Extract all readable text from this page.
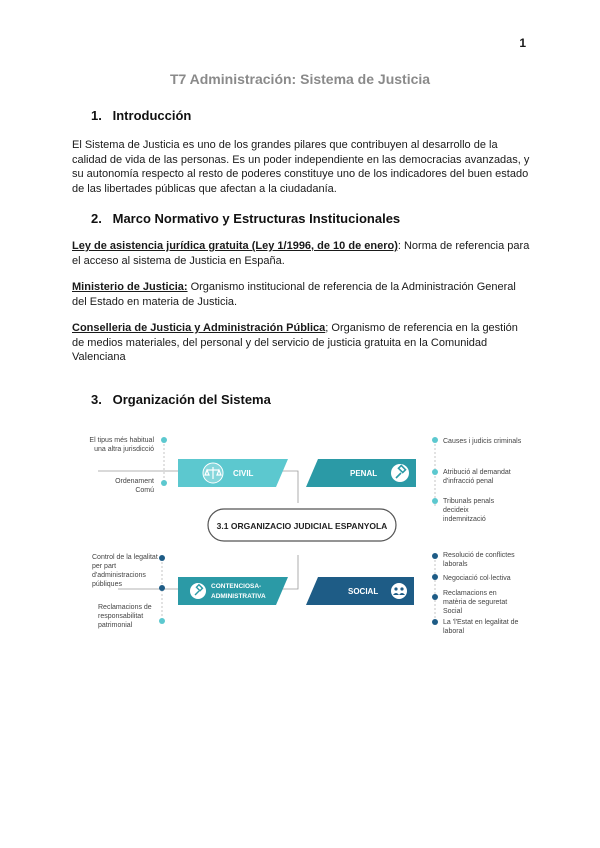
1
T7 Administración: Sistema de Justicia
1. Introducción
El Sistema de Justicia es uno de los grandes pilares que contribuyen al desarrollo de la calidad de vida de las personas. Es un poder independiente en las democracias avanzadas, y su autonomía respecto al resto de poderes constituye uno de los indicadores del buen estado de las libertades públicas que afectan a la ciudadanía.
2. Marco Normativo y Estructuras Institucionales
Ley de asistencia jurídica gratuita (Ley 1/1996, de 10 de enero): Norma de referencia para el acceso al sistema de Justicia en España.
Ministerio de Justicia: Organismo institucional de referencia de la Administración General del Estado en materia de Justicia.
Conselleria de Justicia y Administración Pública; Organismo de referencia en la gestión de medios materiales, del personal y del servicio de justicia gratuita en la Comunidad Valenciana
3. Organización del Sistema
CIVIL	PENAL
3.1 ORGANIZACIO JUDICIAL ESPANYOLA
CONTENCIOSA-
ADMINISTRATIVA
SOCIAL
El tipus més habitual
una altra jurisdicció
Ordenament
Comú
Causes i judicis criminals
Atribució al demandat
d'infracció penal
Tribunals penals
decideix
indemnització
Control de la legalitat
per part
d'administracions
públiques
Reclamacions de
responsabilitat
patrimonial
Resolució de conflictes
laborals
Negociació col·lectiva
Reclamacions en
matèria de seguretat
Social
La 'l'Estat en legalitat de
laboral
